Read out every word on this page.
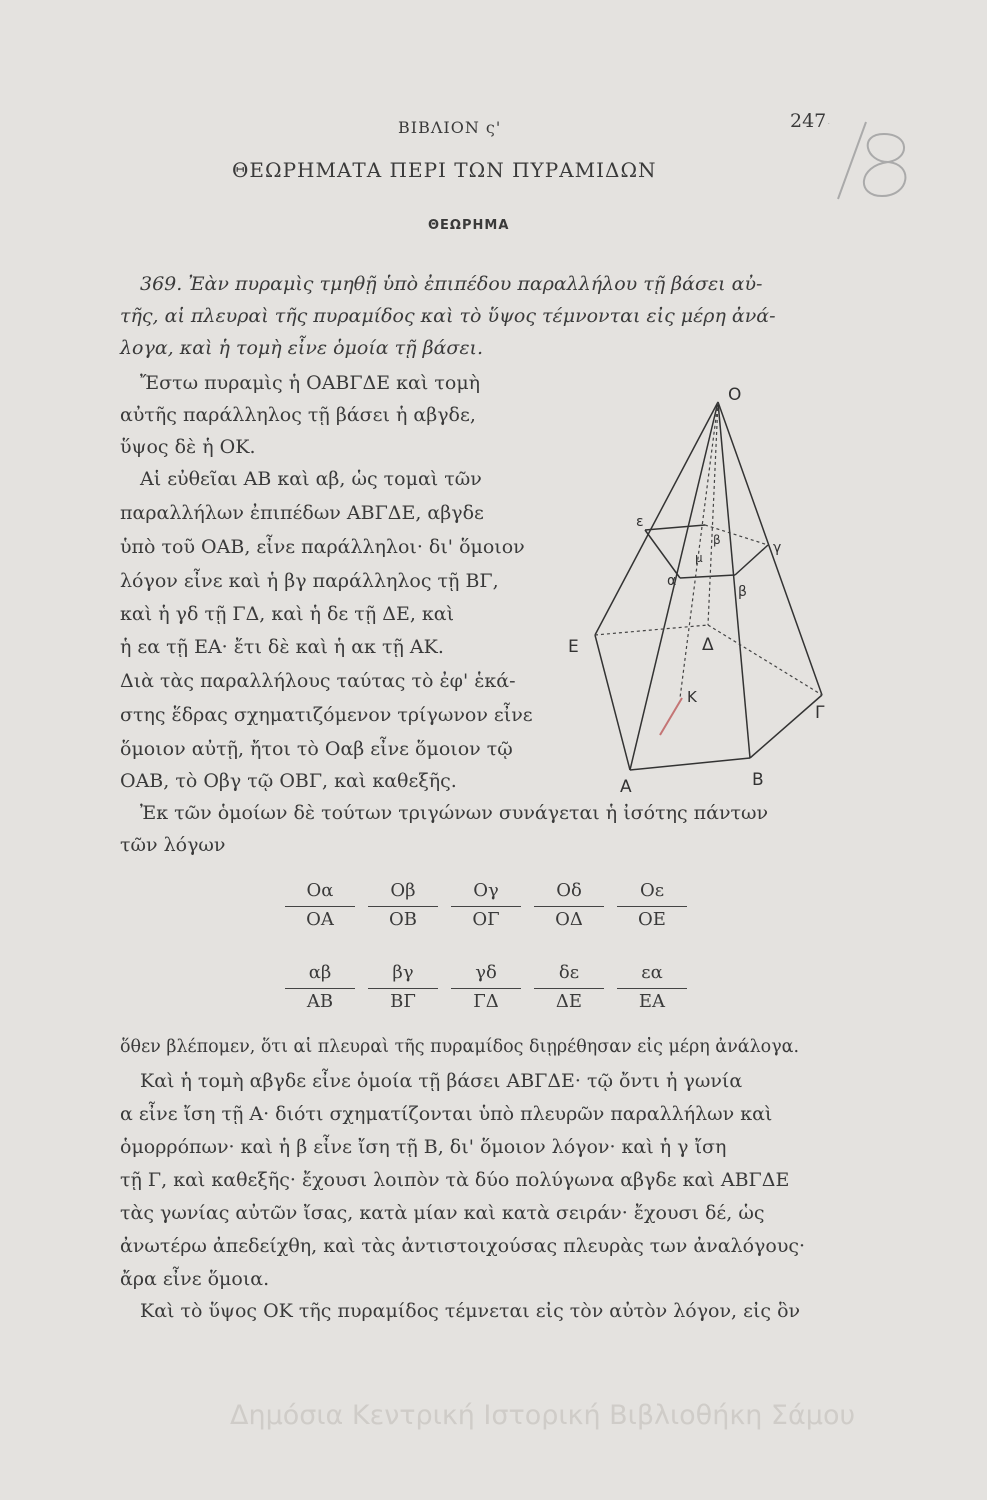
ΒΙΒΛΙΟΝ ς'	247 18
ΘΕΩΡΗΜΑΤΑ ΠΕΡΙ ΤΩΝ ΠΥΡΑΜΙΔΩΝ
ΘΕΩΡΗΜΑ
369. Ἐὰν πυραμὶς τμηθῇ ὑπὸ ἐπιπέδου παραλλήλου τῇ βάσει αὐ-
τῆς, αἱ πλευραὶ τῆς πυραμίδος καὶ τὸ ὕψος τέμνονται εἰς μέρη ἀνά-
λογα, καὶ ἡ τομὴ εἶνε ὁμοία τῇ βάσει.
Ἔστω πυραμὶς ἡ ΟΑΒΓΔΕ καὶ τομὴ
αὐτῆς παράλληλος τῇ βάσει ἡ αβγδε,
ὕψος δὲ ἡ ΟΚ.
Αἱ εὐθεῖαι ΑΒ καὶ αβ, ὡς τομαὶ τῶν
παραλλήλων ἐπιπέδων ΑΒΓΔΕ, αβγδε
ὑπὸ τοῦ ΟΑΒ, εἶνε παράλληλοι· δι' ὅμοιον
λόγον εἶνε καὶ ἡ βγ παράλληλος τῇ ΒΓ,
καὶ ἡ γδ τῇ ΓΔ, καὶ ἡ δε τῇ ΔΕ, καὶ
ἡ εα τῇ ΕΑ· ἔτι δὲ καὶ ἡ ακ τῇ ΑΚ.
Διὰ τὰς παραλλήλους ταύτας τὸ ἐφ' ἑκά-
στης ἕδρας σχηματιζόμενον τρίγωνον εἶνε
ὅμοιον αὐτῇ, ἤτοι τὸ Οαβ εἶνε ὅμοιον τῷ
ΟΑΒ, τὸ Οβγ τῷ ΟΒΓ, καὶ καθεξῆς.
Ἐκ τῶν ὁμοίων δὲ τούτων τριγώνων συνάγεται ἡ ἰσότης πάντων
τῶν λόγων
$\frac{O\alpha}{OA} \frac{O\beta}{OB} \frac{O\gamma}{O\Gamma} \frac{O\delta}{O\Delta} \frac{O\varepsilon}{OE}$
$\frac{\alpha\beta}{AB} \frac{\beta\gamma}{B\Gamma} \frac{\gamma\delta}{\Gamma\Delta} \frac{\delta\varepsilon}{\Delta E} \frac{\varepsilon\alpha}{EA}$
ὅθεν βλέπομεν, ὅτι αἱ πλευραὶ τῆς πυραμίδος διῃρέθησαν εἰς μέρη ἀνάλογα.
Καὶ ἡ τομὴ αβγδε εἶνε ὁμοία τῇ βάσει ΑΒΓΔΕ· τῷ ὄντι ἡ γωνία
α εἶνε ἴση τῇ Α· διότι σχηματίζονται ὑπὸ πλευρῶν παραλλήλων καὶ
ὁμορρόπων· καὶ ἡ β εἶνε ἴση τῇ Β, δι' ὅμοιον λόγον· καὶ ἡ γ ἴση
τῇ Γ, καὶ καθεξῆς· ἔχουσι λοιπὸν τὰ δύο πολύγωνα αβγδε καὶ ΑΒΓΔΕ
τὰς γωνίας αὐτῶν ἴσας, κατὰ μίαν καὶ κατὰ σειράν· ἔχουσι δέ, ὡς
ἀνωτέρω ἀπεδείχθη, καὶ τὰς ἀντιστοιχούσας πλευρὰς των ἀναλόγους·
ἄρα εἶνε ὅμοια.
Καὶ τὸ ὕψος ΟΚ τῆς πυραμίδος τέμνεται εἰς τὸν αὐτὸν λόγον, εἰς ὃν
O
ε
β	γ
μ
α
β
E	Δ
K
Γ
A	B
Δημόσια Κεντρική Ιστορική Βιβλιοθήκη Σάμου
